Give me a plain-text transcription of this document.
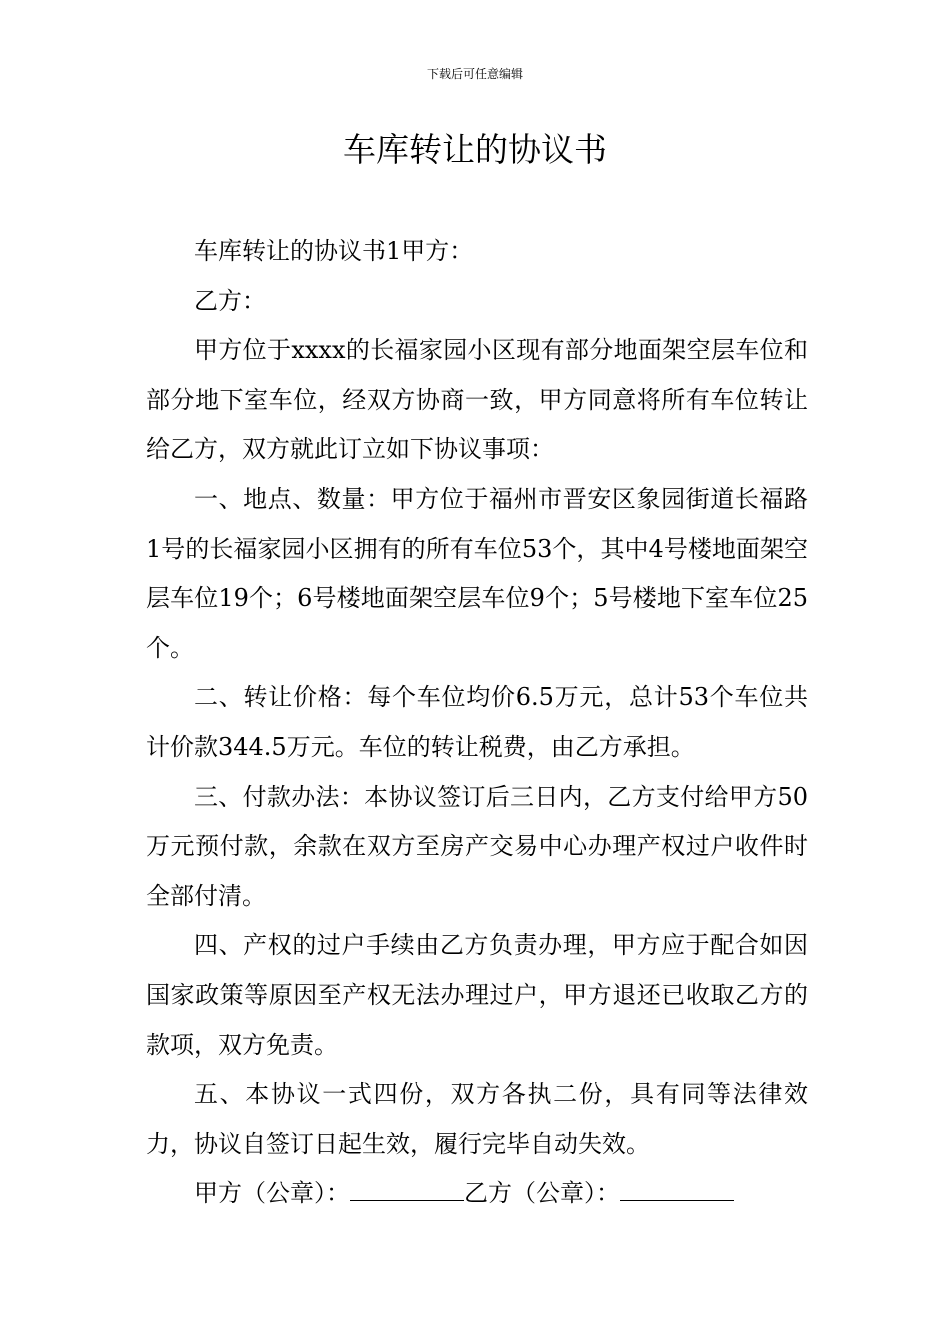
下载后可任意编辑
车库转让的协议书

车库转让的协议书1甲方：

乙方：

甲方位于xxxx的长福家园小区现有部分地面架空层车位和部分地下室车位，经双方协商一致，甲方同意将所有车位转让给乙方，双方就此订立如下协议事项：

一、地点、数量：甲方位于福州市晋安区象园街道长福路1号的长福家园小区拥有的所有车位53个，其中4号楼地面架空层车位19个；6号楼地面架空层车位9个；5号楼地下室车位25个。

二、转让价格：每个车位均价6.5万元，总计53个车位共计价款344.5万元。车位的转让税费，由乙方承担。

三、付款办法：本协议签订后三日内，乙方支付给甲方50万元预付款，余款在双方至房产交易中心办理产权过户收件时全部付清。

四、产权的过户手续由乙方负责办理，甲方应于配合如因国家政策等原因至产权无法办理过户，甲方退还已收取乙方的款项，双方免责。

五、本协议一式四份，双方各执二份，具有同等法律效力，协议自签订日起生效，履行完毕自动失效。

甲方（公章）：	乙方（公章）：
